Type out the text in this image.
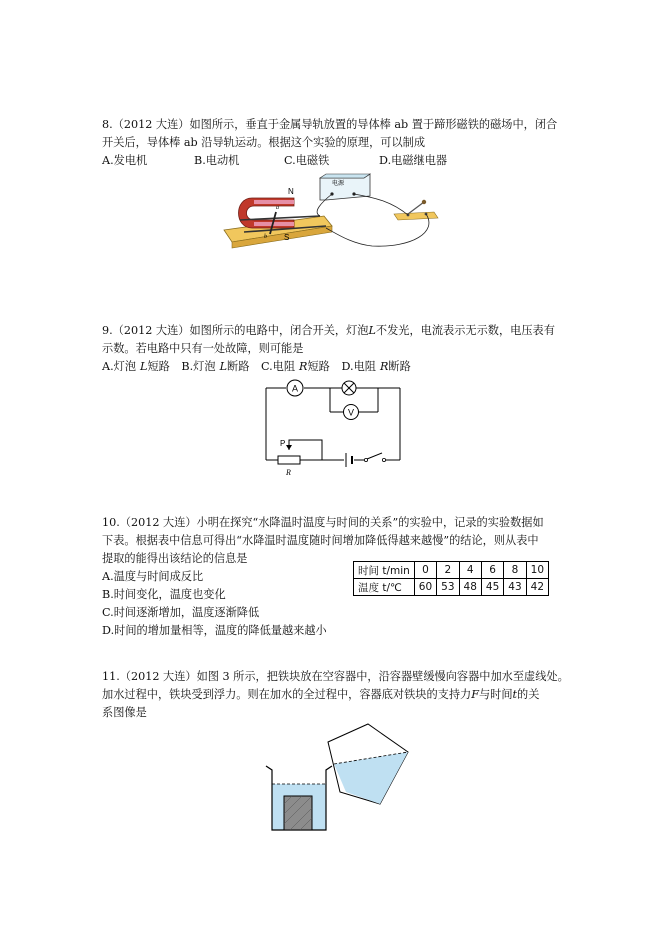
8.（2012 大连）如图所示，垂直于金属导轨放置的导体棒 ab 置于蹄形磁铁的磁场中，闭合

开关后，导体棒 ab 沿导轨运动。根据这个实验的原理，可以制成

A.发电机	B.电动机	C.电磁铁	D.电磁继电器
N
S
a
b
电源

9.（2012 大连）如图所示的电路中，闭合开关，灯泡L不发光，电流表示无示数，电压表有

示数。若电路中只有一处故障，则可能是

A.灯泡 L短路 B.灯泡 L断路 C.电阻 R短路 D.电阻 R断路

A
V
P
R

10.（2012 大连）小明在探究“水降温时温度与时间的关系”的实验中，记录的实验数据如

下表。根据表中信息可得出“水降温时温度随时间增加降低得越来越慢”的结论，则从表中

提取的能得出该结论的信息是

A.温度与时间成反比

B.时间变化，温度也变化

C.时间逐渐增加，温度逐渐降低

D.时间的增加量相等，温度的降低量越来越小

时间 t/min	0	2	4	6	8	10
温度 t/℃	60	53	48	45	43	42

11.（2012 大连）如图 3 所示，把铁块放在空容器中，沿容器壁缓慢向容器中加水至虚线处。

加水过程中，铁块受到浮力。则在加水的全过程中，容器底对铁块的支持力F与时间t的关

系图像是
